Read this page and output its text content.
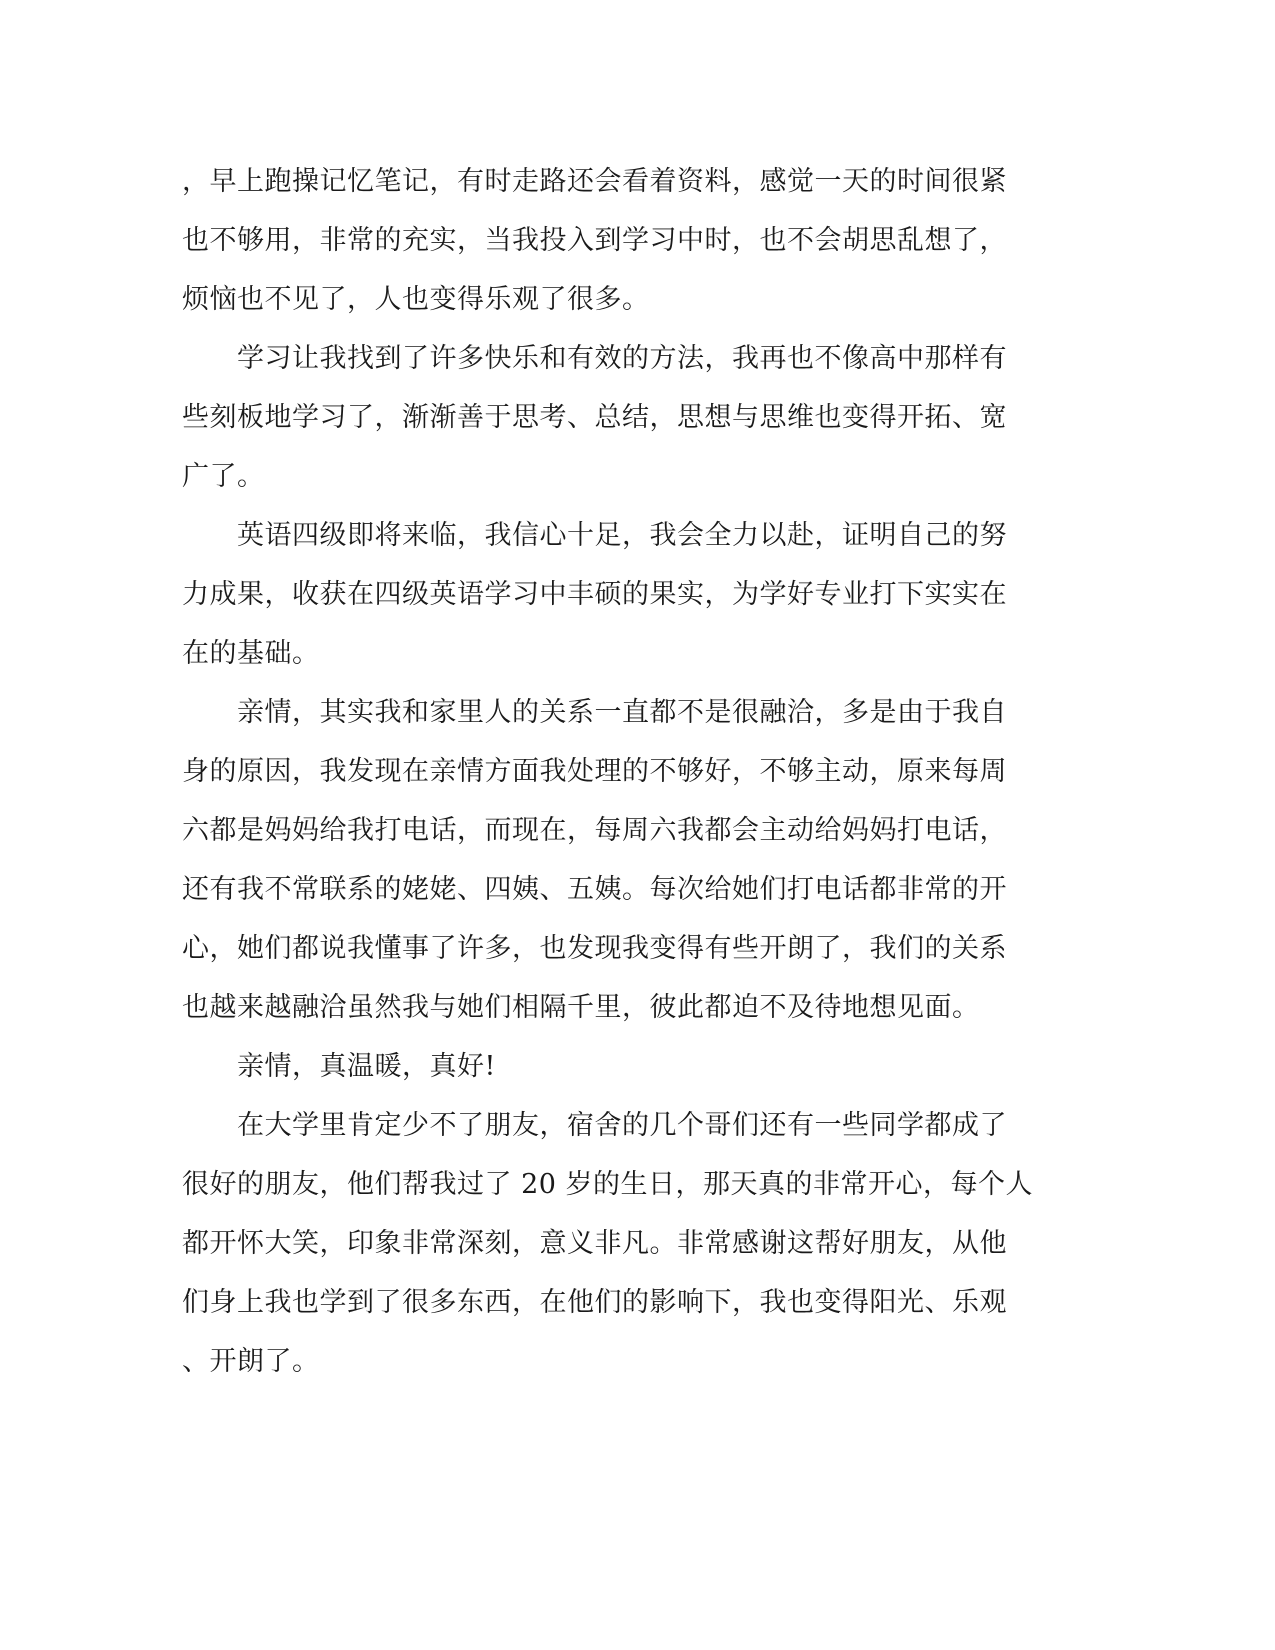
，早上跑操记忆笔记，有时走路还会看着资料，感觉一天的时间很紧
也不够用，非常的充实，当我投入到学习中时，也不会胡思乱想了，
烦恼也不见了，人也变得乐观了很多。
　　学习让我找到了许多快乐和有效的方法，我再也不像高中那样有
些刻板地学习了，渐渐善于思考、总结，思想与思维也变得开拓、宽
广了。
　　英语四级即将来临，我信心十足，我会全力以赴，证明自己的努
力成果，收获在四级英语学习中丰硕的果实，为学好专业打下实实在
在的基础。
　　亲情，其实我和家里人的关系一直都不是很融洽，多是由于我自
身的原因，我发现在亲情方面我处理的不够好，不够主动，原来每周
六都是妈妈给我打电话，而现在，每周六我都会主动给妈妈打电话，
还有我不常联系的姥姥、四姨、五姨。每次给她们打电话都非常的开
心，她们都说我懂事了许多，也发现我变得有些开朗了，我们的关系
也越来越融洽虽然我与她们相隔千里，彼此都迫不及待地想见面。
　　亲情，真温暖，真好!
　　在大学里肯定少不了朋友，宿舍的几个哥们还有一些同学都成了
很好的朋友，他们帮我过了 20 岁的生日，那天真的非常开心，每个人
都开怀大笑，印象非常深刻，意义非凡。非常感谢这帮好朋友，从他
们身上我也学到了很多东西，在他们的影响下，我也变得阳光、乐观
、开朗了。
